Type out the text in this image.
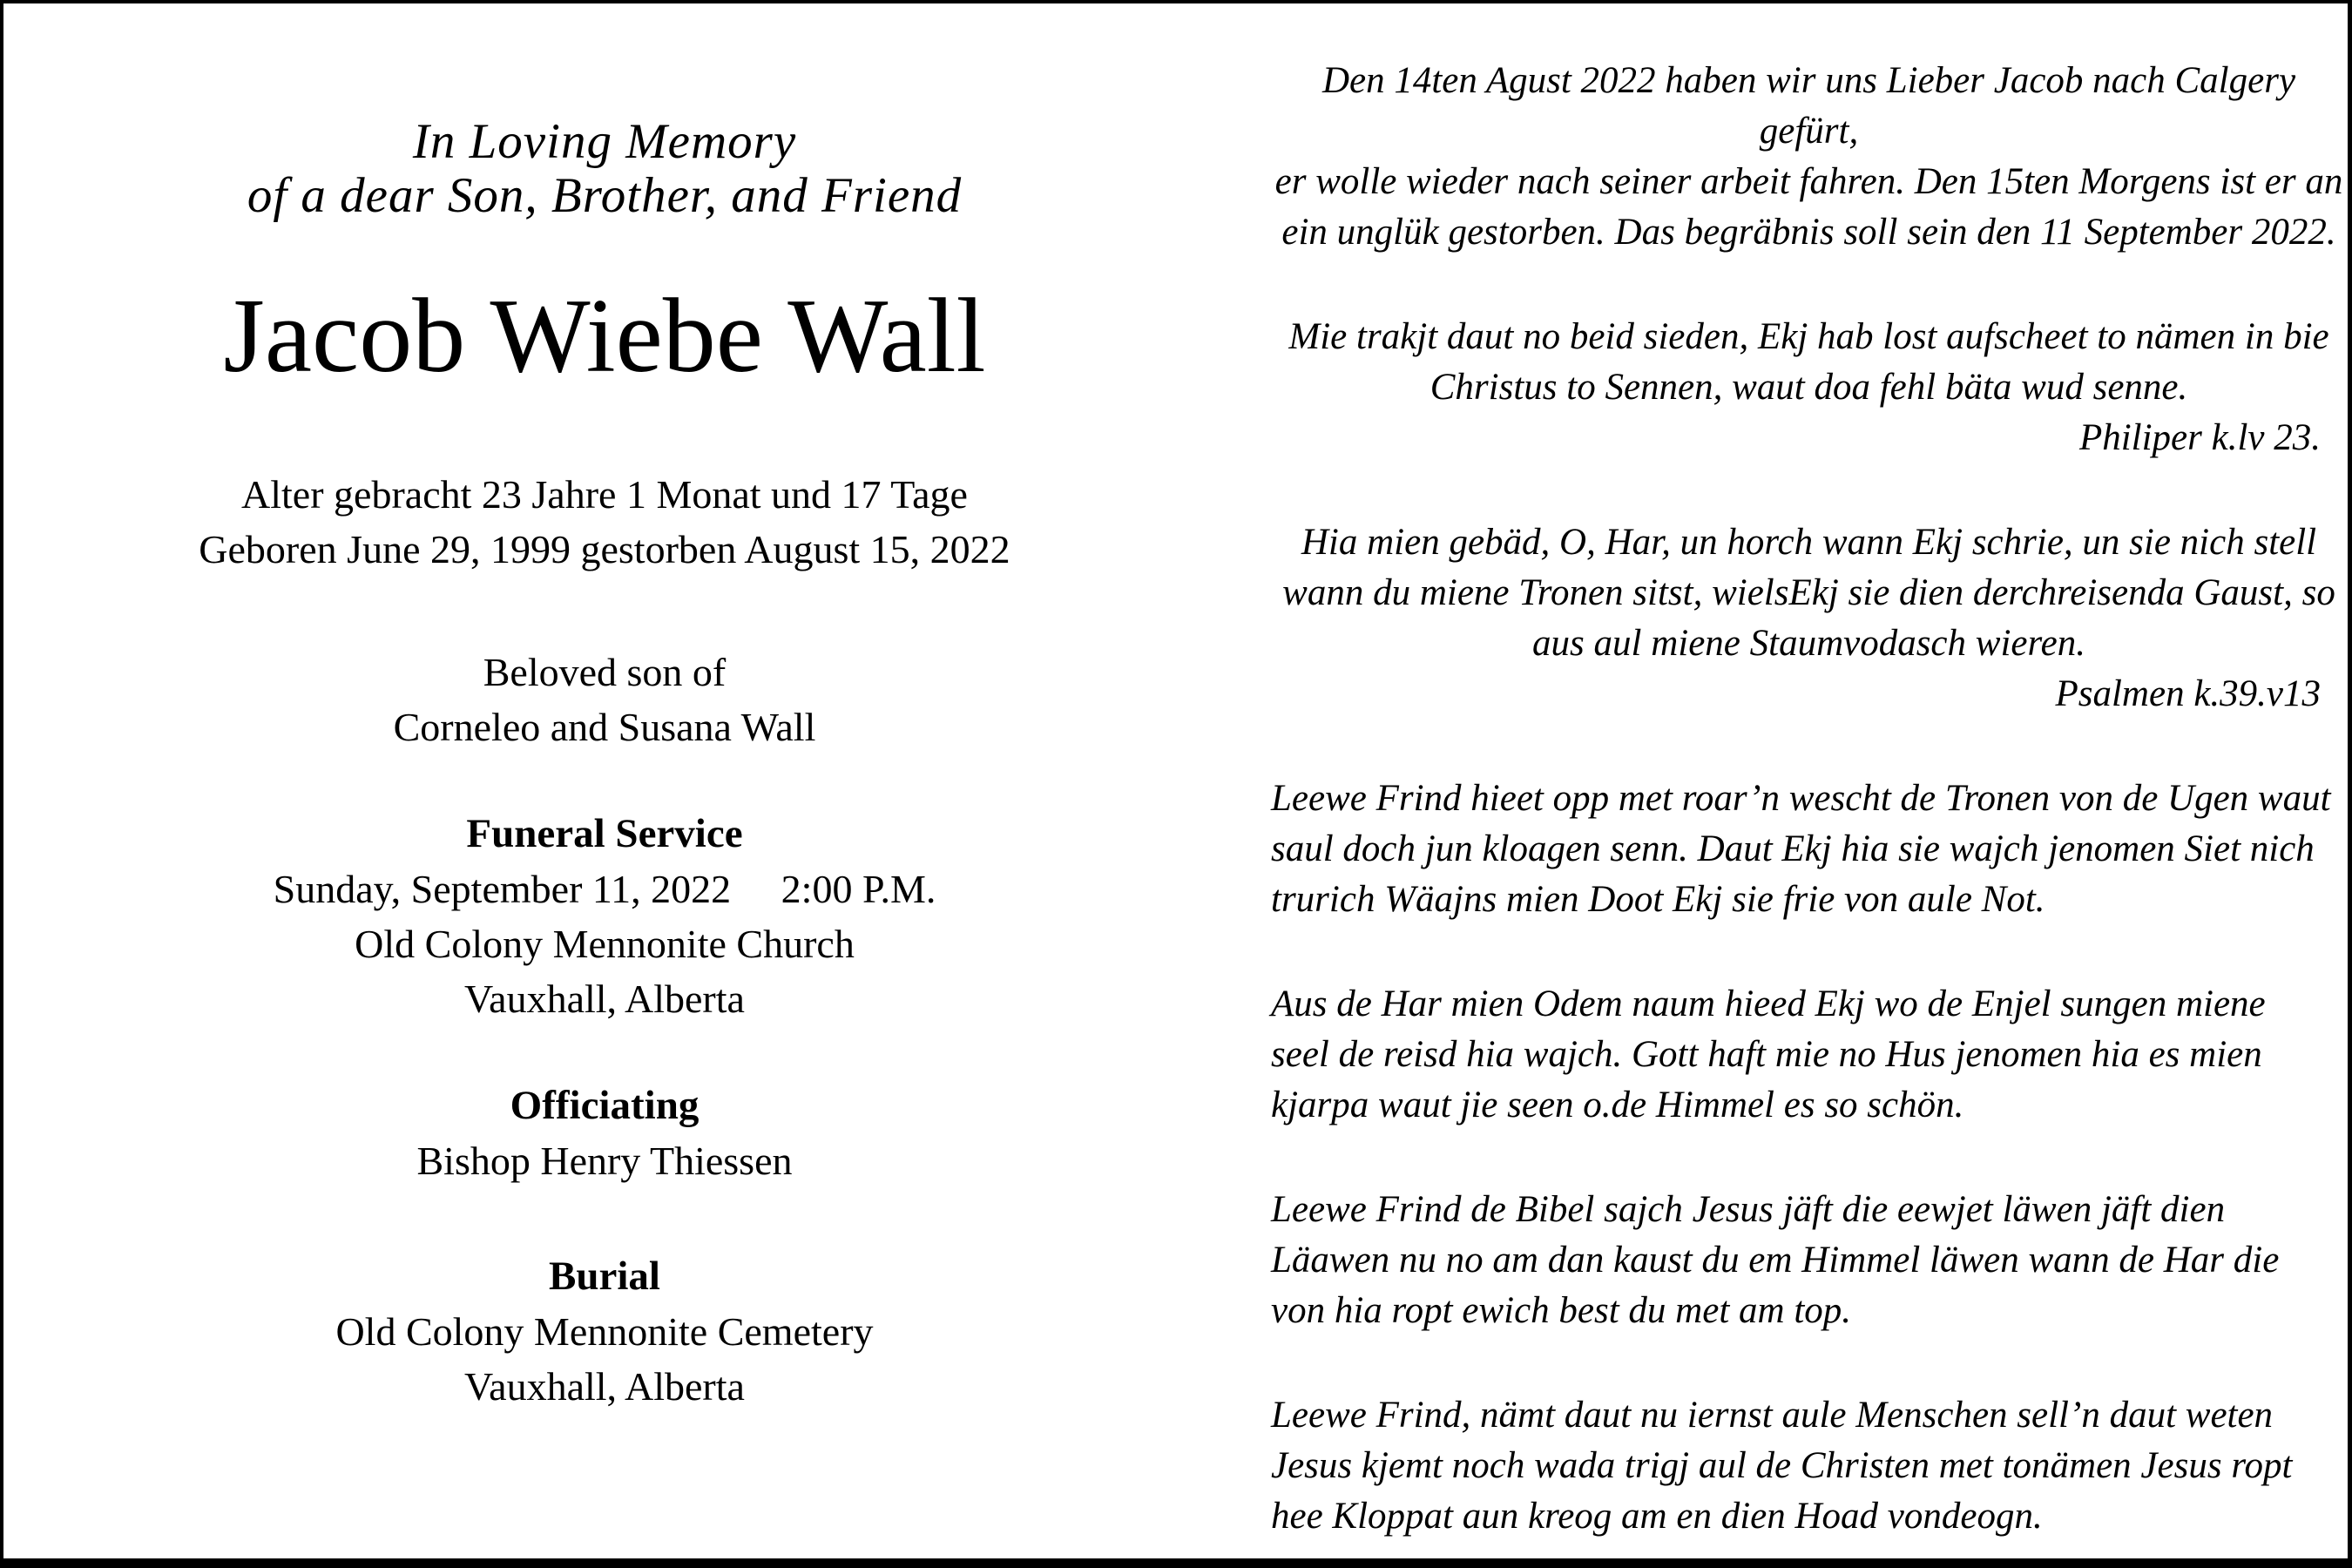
In Loving Memory
of a dear Son, Brother, and Friend
Jacob Wiebe Wall
Alter gebracht 23 Jahre 1 Monat und 17 Tage
Geboren June 29, 1999 gestorben August 15, 2022
Beloved son of
Corneleo and Susana Wall
Funeral Service
Sunday, September 11, 2022     2:00 P.M.
Old Colony Mennonite Church
Vauxhall, Alberta
Officiating
Bishop Henry Thiessen
Burial
Old Colony Mennonite Cemetery
Vauxhall, Alberta
Den 14ten Agust 2022 haben wir uns Lieber Jacob nach Calgery gefürt,
er wolle wieder nach seiner arbeit fahren. Den 15ten Morgens ist er an
ein unglük gestorben. Das begräbnis soll sein den 11 September 2022.
Mie trakjt daut no beid sieden, Ekj hab lost aufscheet to nämen in bie
Christus to Sennen, waut doa fehl bäta wud senne.
Philiper k.lv 23.
Hia mien gebäd, O, Har, un horch wann Ekj schrie, un sie nich stell
wann du miene Tronen sitst, wielsEkj sie dien derchreisenda Gaust, so
aus aul miene Staumvodasch wieren.
Psalmen k.39.v13
Leewe Frind hieet opp met roar’n wescht de Tronen von de Ugen waut
saul doch jun kloagen senn. Daut Ekj hia sie wajch jenomen Siet nich
trurich Wäajns mien Doot Ekj sie frie von aule Not.
Aus de Har mien Odem naum hieed Ekj wo de Enjel sungen miene
seel de reisd hia wajch. Gott haft mie no Hus jenomen hia es mien
kjarpa waut jie seen o.de Himmel es so schön.
Leewe Frind de Bibel sajch Jesus jäft die eewjet läwen jäft dien
Läawen nu no am dan kaust du em Himmel läwen wann de Har die
von hia ropt ewich best du met am top.
Leewe Frind, nämt daut nu iernst aule Menschen sell’n daut weten
Jesus kjemt noch wada trigj aul de Christen met tonämen Jesus ropt
hee Kloppat aun kreog am en dien Hoad vondeogn.
